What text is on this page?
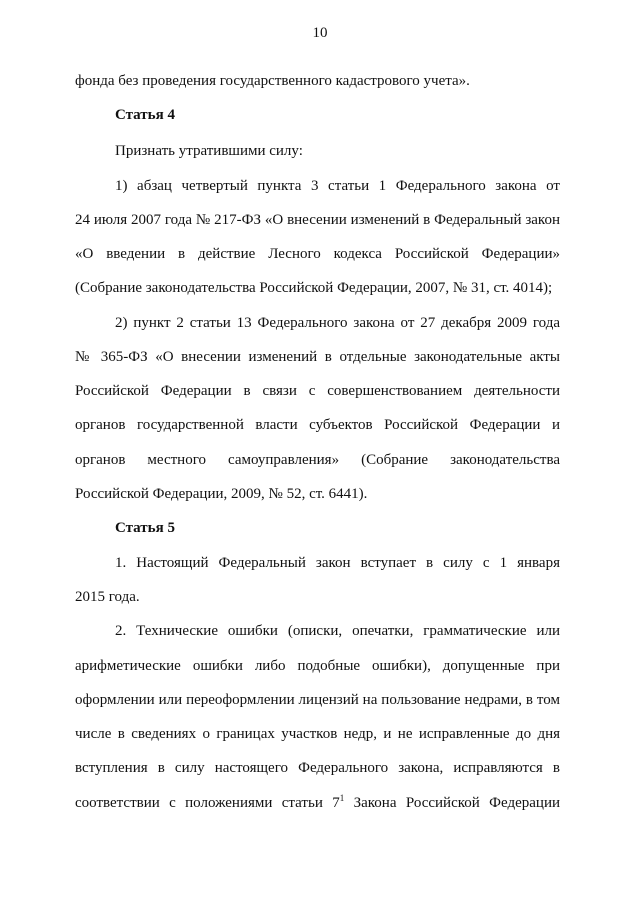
10
фонда без проведения государственного кадастрового учета».
Статья 4
Признать утратившими силу:
1) абзац четвертый пункта 3 статьи 1 Федерального закона от
24 июля 2007 года № 217-ФЗ «О внесении изменений в Федеральный закон
«О введении в действие Лесного кодекса Российской Федерации»
(Собрание законодательства Российской Федерации, 2007, № 31, ст. 4014);
2) пункт 2 статьи 13 Федерального закона от 27 декабря 2009 года
№ 365-ФЗ «О внесении изменений в отдельные законодательные акты
Российской Федерации в связи с совершенствованием деятельности
органов государственной власти субъектов Российской Федерации и
органов местного самоуправления» (Собрание законодательства
Российской Федерации, 2009, № 52, ст. 6441).
Статья 5
1. Настоящий Федеральный закон вступает в силу с 1 января
2015 года.
2. Технические ошибки (описки, опечатки, грамматические или
арифметические ошибки либо подобные ошибки), допущенные при
оформлении или переоформлении лицензий на пользование недрами, в том
числе в сведениях о границах участков недр, и не исправленные до дня
вступления в силу настоящего Федерального закона, исправляются в
соответствии с положениями статьи $7^1$ Закона Российской Федерации
